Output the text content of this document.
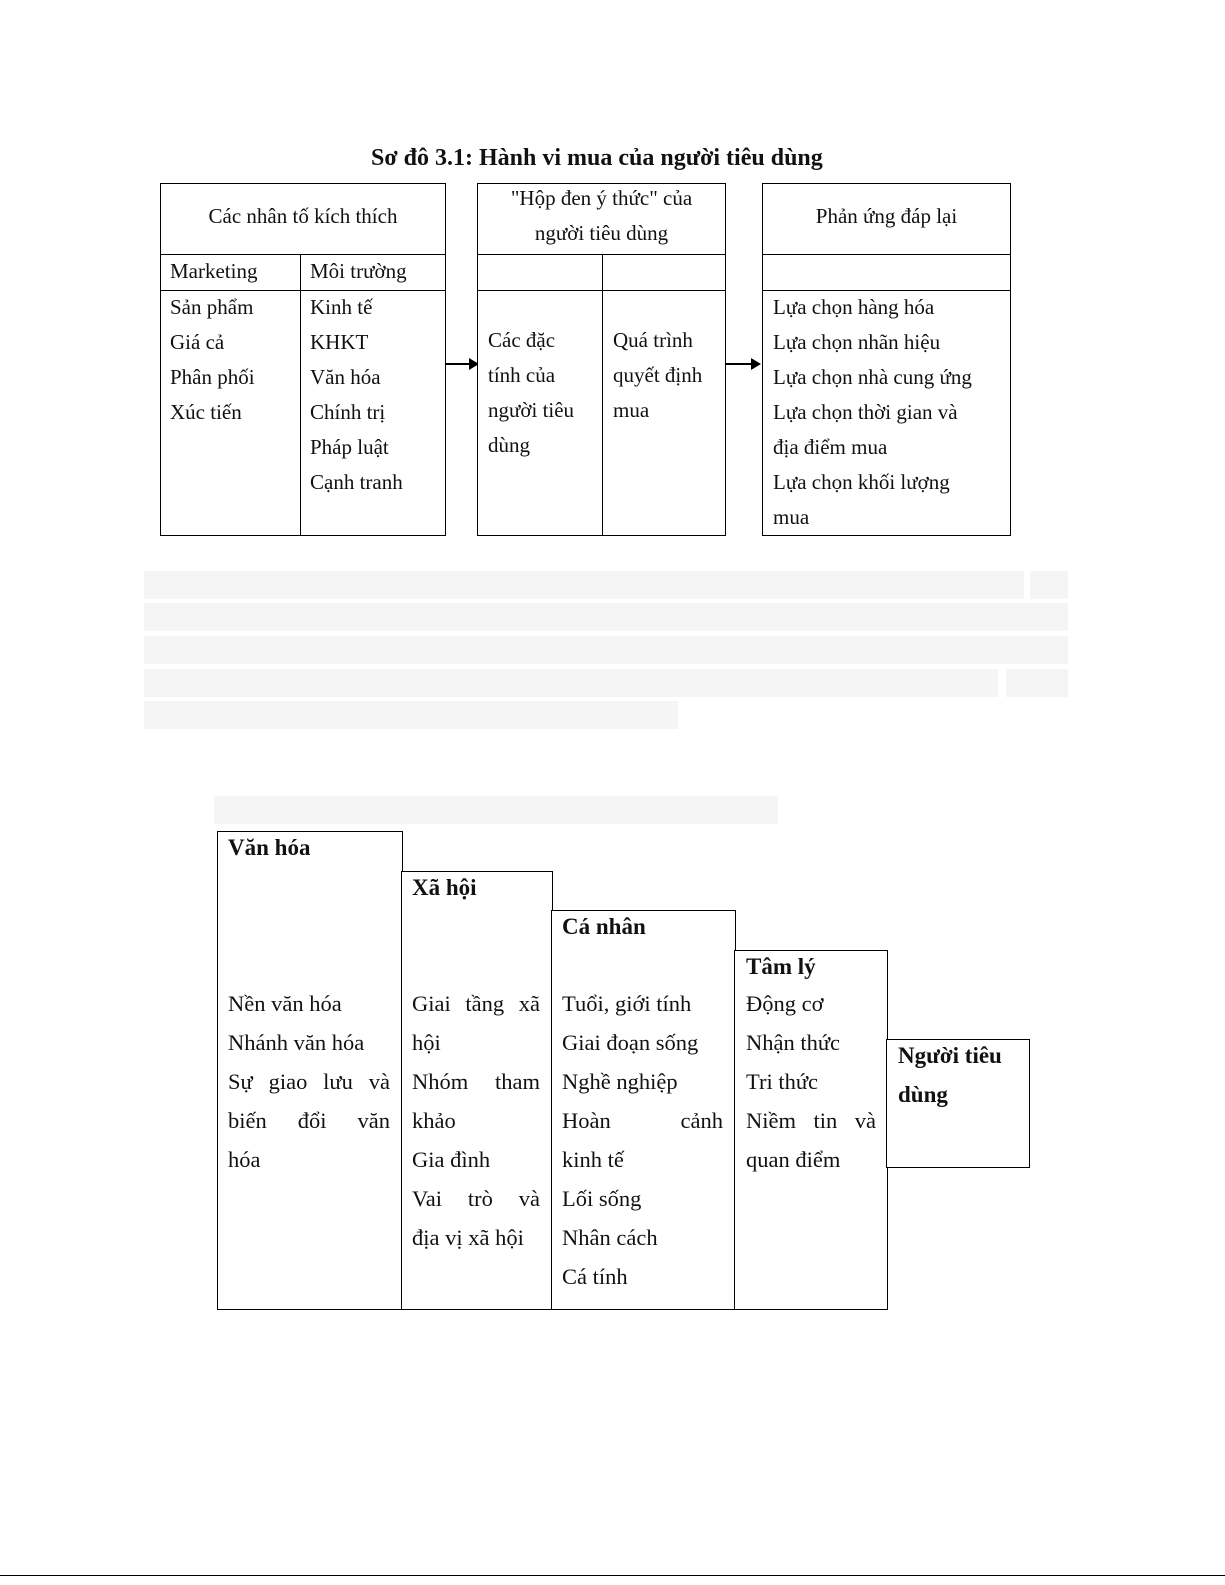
Sơ đô 3.1: Hành vi mua của người tiêu dùng
Các nhân tố kích thích
Marketing	Môi trường
Sản phẩm
Giá cả
Phân phối
Xúc tiến
Kinh tế
KHKT
Văn hóa
Chính trị
Pháp luật
Cạnh tranh
"Hộp đen ý thức" của
người tiêu dùng
Các đặc
tính của
người tiêu
dùng
Quá trình
quyết định
mua
Phản ứng đáp lại
Lựa chọn hàng hóa
Lựa chọn nhãn hiệu
Lựa chọn nhà cung ứng
Lựa chọn thời gian và
địa điểm mua
Lựa chọn khối lượng
mua
Văn hóa
Nền văn hóa
Nhánh văn hóa
Sự giao lưu và
biến đổi văn
hóa
Xã hội
Giai tầng xã
hội
Nhóm tham
khảo
Gia đình
Vai trò và
địa vị xã hội
Cá nhân
Tuổi, giới tính
Giai đoạn sống
Nghề nghiệp
Hoàn cảnh
kinh tế
Lối sống
Nhân cách
Cá tính
Tâm lý
Động cơ
Nhận thức
Tri thức
Niềm tin và
quan điểm
Người tiêu
dùng
